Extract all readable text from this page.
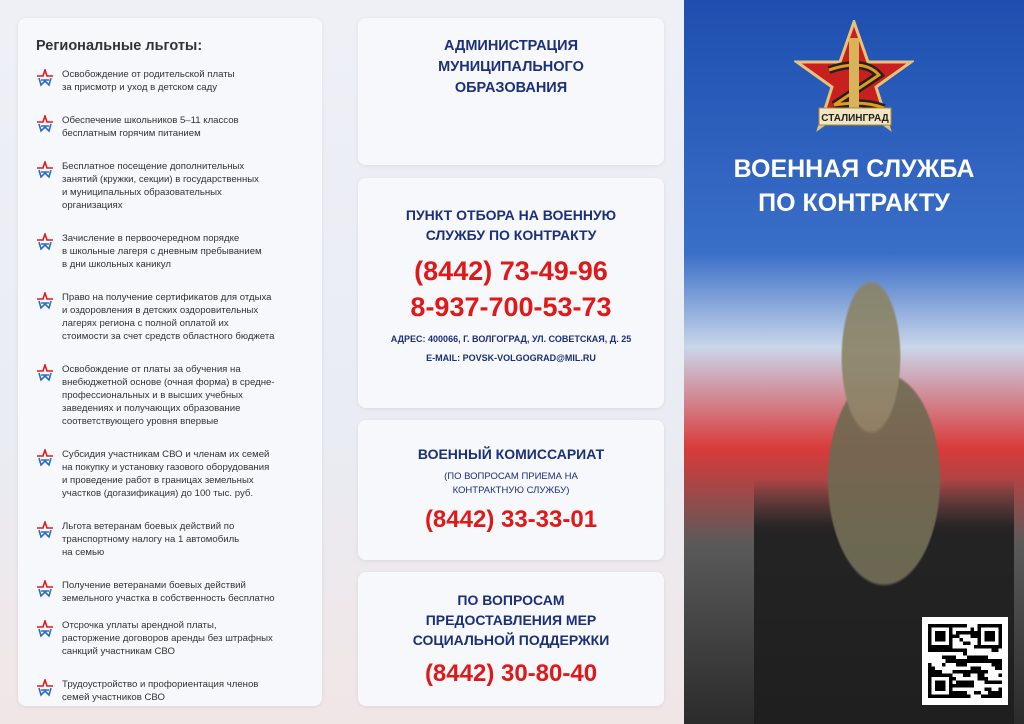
Региональные льготы:
Освобождение от родительской платы
за присмотр и уход в детском саду
Обеспечение школьников 5–11 классов
бесплатным горячим питанием
Бесплатное посещение дополнительных
занятий (кружки, секции) в государственных
и муниципальных образовательных
организациях
Зачисление в первоочередном порядке
в школьные лагеря с дневным пребыванием
в дни школьных каникул
Право на получение сертификатов для отдыха
и оздоровления в детских оздоровительных
лагерях региона с полной оплатой их
стоимости за счет средств областного бюджета
Освобождение от платы за обучения на
внебюджетной основе (очная форма) в средне-
профессиональных и в высших учебных
заведениях и получающих образование
соответствующего уровня впервые
Субсидия участникам СВО и членам их семей
на покупку и установку газового оборудования
и проведение работ в границах земельных
участков (догазификация) до 100 тыс. руб.
Льгота ветеранам боевых действий по
транспортному налогу на 1 автомобиль
на семью
Получение ветеранами боевых действий
земельного участка в собственность бесплатно
Отсрочка уплаты арендной платы,
расторжение договоров аренды без штрафных
санкций участникам СВО
Трудоустройство и профориентация членов
семей участников СВО
АДМИНИСТРАЦИЯ
МУНИЦИПАЛЬНОГО
ОБРАЗОВАНИЯ
ПУНКТ ОТБОРА НА ВОЕННУЮ
СЛУЖБУ ПО КОНТРАКТУ
(8442) 73-49-96
8-937-700-53-73
АДРЕС: 400066, Г. ВОЛГОГРАД, УЛ. СОВЕТСКАЯ, Д. 25
E-MAIL: POVSK-VOLGOGRAD@MIL.RU
ВОЕННЫЙ КОМИССАРИАТ
(ПО ВОПРОСАМ ПРИЕМА НА
КОНТРАКТНУЮ СЛУЖБУ)
(8442) 33-33-01
ПО ВОПРОСАМ
ПРЕДОСТАВЛЕНИЯ МЕР
СОЦИАЛЬНОЙ ПОДДЕРЖКИ
(8442) 30-80-40
СТАЛИНГРАД
ВОЕННАЯ СЛУЖБА
ПО КОНТРАКТУ
